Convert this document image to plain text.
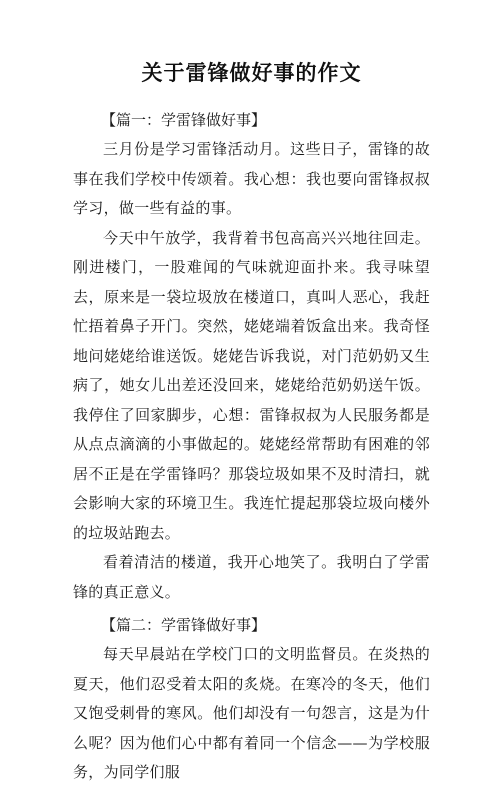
关于雷锋做好事的作文

【篇一：学雷锋做好事】

三月份是学习雷锋活动月。这些日子，雷锋的故事在我们学校中传颂着。我心想：我也要向雷锋叔叔学习，做一些有益的事。

今天中午放学，我背着书包高高兴兴地往回走。刚进楼门，一股难闻的气味就迎面扑来。我寻味望去，原来是一袋垃圾放在楼道口，真叫人恶心，我赶忙捂着鼻子开门。突然，姥姥端着饭盒出来。我奇怪地问姥姥给谁送饭。姥姥告诉我说，对门范奶奶又生病了，她女儿出差还没回来，姥姥给范奶奶送午饭。我停住了回家脚步，心想：雷锋叔叔为人民服务都是从点点滴滴的小事做起的。姥姥经常帮助有困难的邻居不正是在学雷锋吗？那袋垃圾如果不及时清扫，就会影响大家的环境卫生。我连忙提起那袋垃圾向楼外的垃圾站跑去。

看着清洁的楼道，我开心地笑了。我明白了学雷锋的真正意义。

【篇二：学雷锋做好事】

每天早晨站在学校门口的文明监督员。在炎热的夏天，他们忍受着太阳的炙烧。在寒冷的冬天，他们又饱受刺骨的寒风。他们却没有一句怨言，这是为什么呢？因为他们心中都有着同一个信念——为学校服务，为同学们服
